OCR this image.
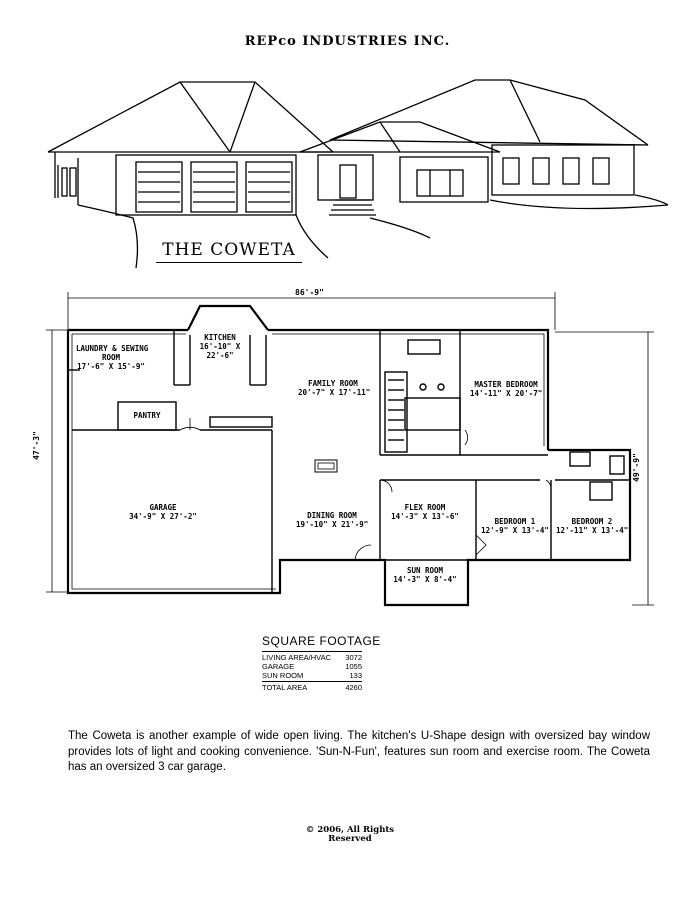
REPco INDUSTRIES INC.
THE COWETA
86'-9"
47'-3"
49'-9"
LAUNDRY & SEWING
ROOM
17'-6" X 15'-9"
KITCHEN
16'-10" X
22'-6"
PANTRY
FAMILY ROOM
20'-7" X 17'-11"
MASTER BEDROOM
14'-11" X 20'-7"
GARAGE
34'-9" X 27'-2"	DINING ROOM
19'-10" X 21'-9"
FLEX ROOM
14'-3" X 13'-6"
BEDROOM 1
12'-9" X 13'-4"
BEDROOM 2
12'-11" X 13'-4"
SUN ROOM
14'-3" X 8'-4"
SQUARE FOOTAGE
LIVING AREA/HVAC 3072
GARAGE	1055
SUN ROOM	133
TOTAL AREA	4260
The Coweta is another example of wide open living. The kitchen's U-Shape design with oversized bay window provides lots of light and cooking convenience. 'Sun-N-Fun', features sun room and exercise room. The Coweta has an oversized 3 car garage.
© 2006, All Rights
Reserved
